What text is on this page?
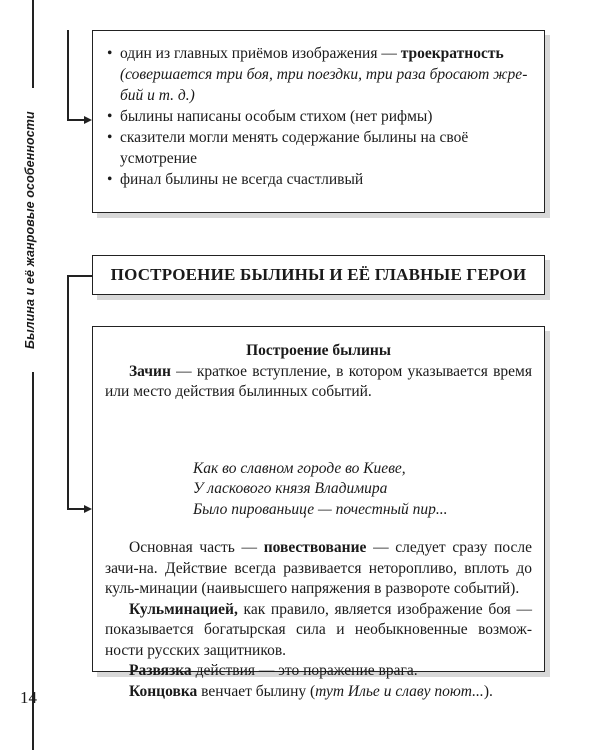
Былина и её жанровые особенности
• один из главных приёмов изображения — троекратность
(совершается три боя, три поездки, три раза бросают жре-бий и т. д.)
• былины написаны особым стихом (нет рифмы)
• сказители могли менять содержание былины на своё усмотрение
• финал былины не всегда счастливый
ПОСТРОЕНИЕ БЫЛИНЫ И ЕЁ ГЛАВНЫЕ ГЕРОИ
Построение былины
Зачин — краткое вступление, в котором указывается время или место действия былинных событий.
Как во славном городе во Киеве,
У ласкового князя Владимира
Было пированьице — почестный пир...
Основная часть — повествование — следует сразу после зачи-на. Действие всегда развивается неторопливо, вплоть до куль-минации (наивысшего напряжения в развороте событий).
Кульминацией, как правило, является изображение боя — показывается богатырская сила и необыкновенные возмож-ности русских защитников.
Развязка действия — это поражение врага.
Концовка венчает былину (тут Илье и славу поют...).
14
